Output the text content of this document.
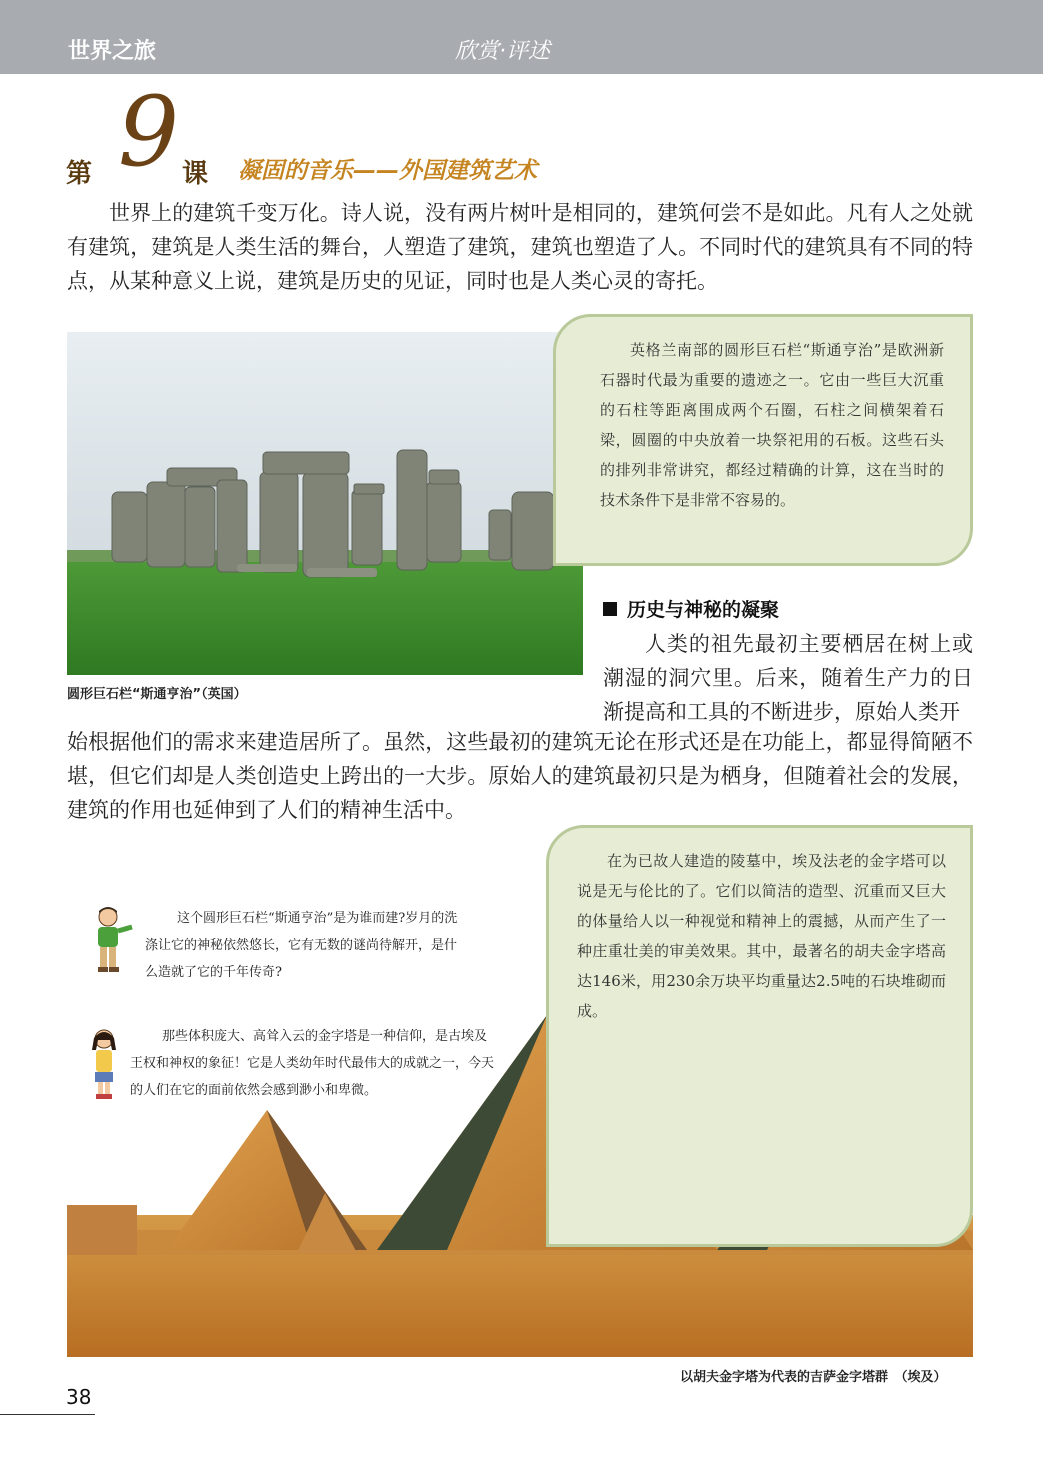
世界之旅	欣赏·评述
第 9 课 凝固的音乐——外国建筑艺术

世界上的建筑千变万化。诗人说，没有两片树叶是相同的，建筑何尝不是如此。凡有人之处就有建筑，建筑是人类生活的舞台，人塑造了建筑，建筑也塑造了人。不同时代的建筑具有不同的特点，从某种意义上说，建筑是历史的见证，同时也是人类心灵的寄托。

圆形巨石栏“斯通亨治”（英国）
英格兰南部的圆形巨石栏“斯通亨治”是欧洲新石器时代最为重要的遗迹之一。它由一些巨大沉重的石柱等距离围成两个石圈，石柱之间横架着石梁，圆圈的中央放着一块祭祀用的石板。这些石头的排列非常讲究，都经过精确的计算，这在当时的技术条件下是非常不容易的。
历史与神秘的凝聚

人类的祖先最初主要栖居在树上或潮湿的洞穴里。后来，随着生产力的日渐提高和工具的不断进步，原始人类开

始根据他们的需求来建造居所了。虽然，这些最初的建筑无论在形式还是在功能上，都显得简陋不堪，但它们却是人类创造史上跨出的一大步。原始人的建筑最初只是为栖身，但随着社会的发展，建筑的作用也延伸到了人们的精神生活中。

以胡夫金字塔为代表的吉萨金字塔群　（埃及）
在为已故人建造的陵墓中，埃及法老的金字塔可以说是无与伦比的了。它们以简洁的造型、沉重而又巨大的体量给人以一种视觉和精神上的震撼，从而产生了一种庄重壮美的审美效果。其中，最著名的胡夫金字塔高达146米，用230余万块平均重量达2.5吨的石块堆砌而成。
这个圆形巨石栏“斯通亨治”是为谁而建?岁月的洗涤让它的神秘依然悠长，它有无数的谜尚待解开，是什么造就了它的千年传奇?
那些体积庞大、高耸入云的金字塔是一种信仰，是古埃及王权和神权的象征！它是人类幼年时代最伟大的成就之一，今天的人们在它的面前依然会感到渺小和卑微。
38
